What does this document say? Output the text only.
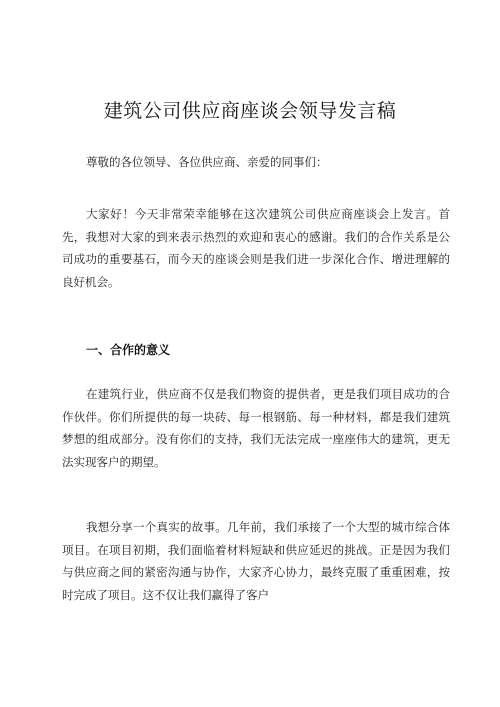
建筑公司供应商座谈会领导发言稿

尊敬的各位领导、各位供应商、亲爱的同事们：

大家好！今天非常荣幸能够在这次建筑公司供应商座谈会上发言。首先，我想对大家的到来表示热烈的欢迎和衷心的感谢。我们的合作关系是公司成功的重要基石，而今天的座谈会则是我们进一步深化合作、增进理解的良好机会。

一、合作的意义

在建筑行业，供应商不仅是我们物资的提供者，更是我们项目成功的合作伙伴。你们所提供的每一块砖、每一根钢筋、每一种材料，都是我们建筑梦想的组成部分。没有你们的支持，我们无法完成一座座伟大的建筑，更无法实现客户的期望。

我想分享一个真实的故事。几年前，我们承接了一个大型的城市综合体项目。在项目初期，我们面临着材料短缺和供应延迟的挑战。正是因为我们与供应商之间的紧密沟通与协作，大家齐心协力，最终克服了重重困难，按时完成了项目。这不仅让我们赢得了客户
